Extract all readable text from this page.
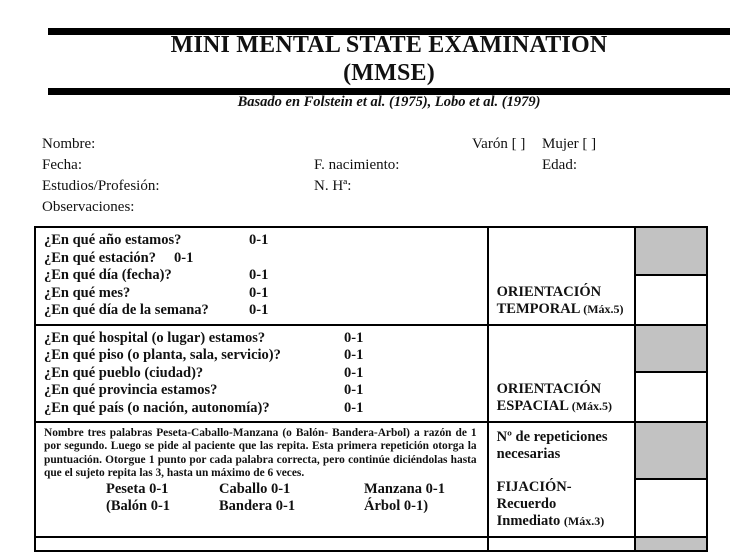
MINI MENTAL STATE EXAMINATION
(MMSE)
Basado en Folstein et al. (1975), Lobo et al. (1979)
Nombre:	Varón [ ] Mujer [ ]
Fecha:	F. nacimiento:	Edad:
Estudios/Profesión:	N. Hª:
Observaciones:
¿En qué año estamos?	0-1
¿En qué estación? 0-1
¿En qué día (fecha)?	0-1
¿En qué mes?	0-1
¿En qué día de la semana?	0-1
ORIENTACIÓN
TEMPORAL (Máx.5)
¿En qué hospital (o lugar) estamos?	0-1
¿En qué piso (o planta, sala, servicio)?	0-1
¿En qué pueblo (ciudad)?	0-1
¿En qué provincia estamos?	0-1
¿En qué país (o nación, autonomía)?	0-1
ORIENTACIÓN
ESPACIAL (Máx.5)
Nombre tres palabras Peseta-Caballo-Manzana (o Balón- Bandera-Arbol) a razón de 1 por segundo. Luego se pide al paciente que las repita. Esta primera repetición otorga la puntuación. Otorgue 1 punto por cada palabra correcta, pero continúe diciéndolas hasta que el sujeto repita las 3, hasta un máximo de 6 veces.
Peseta 0-1	Caballo 0-1	Manzana 0-1
(Balón 0-1	Bandera 0-1	Árbol 0-1)
Nº de repeticiones
necesarias
FIJACIÓN-Recuerdo
Inmediato (Máx.3)
